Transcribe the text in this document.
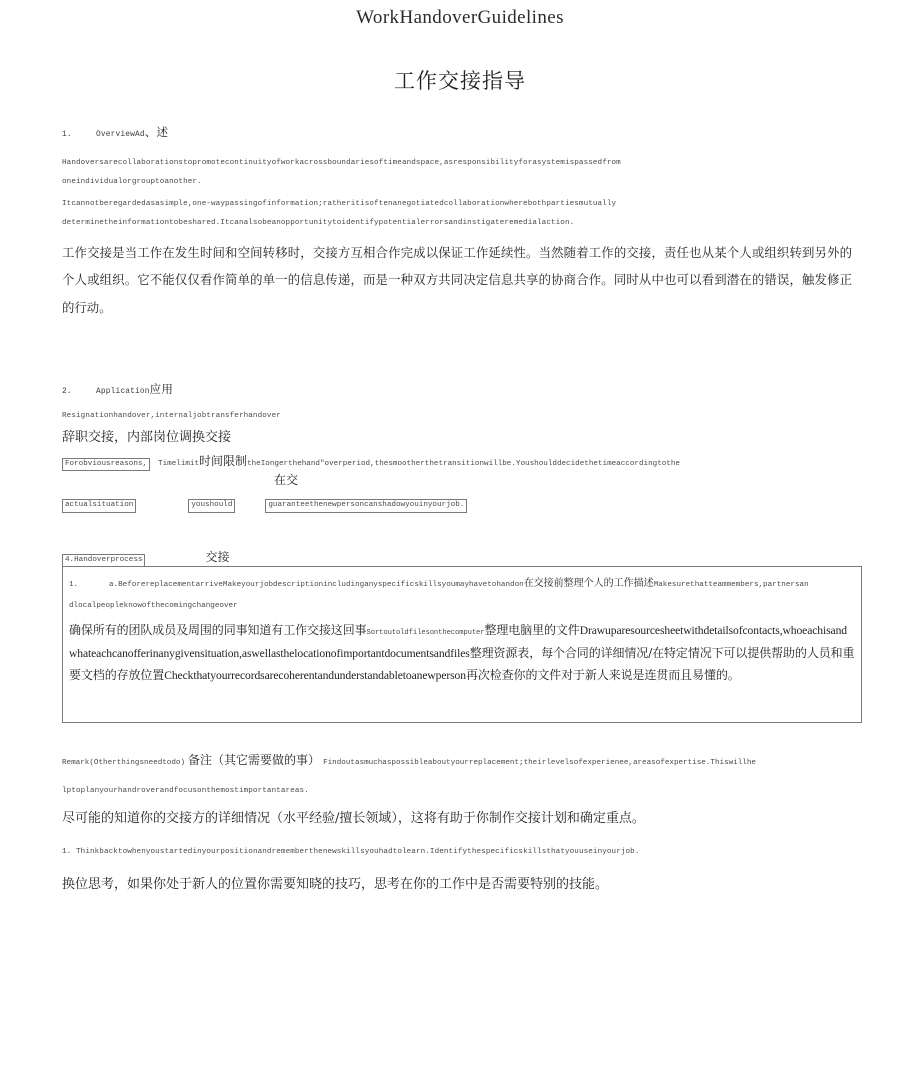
WorkHandoverGuidelines
工作交接指导
1.	OverviewAd、述
Handoversarecollaborationstopromotecontinuityofworkacrossboundariesoftimeandspace,asresponsibilityforasystemispassedfrom
oneindividualorgrouptoanother.
Itcannotberegardedasasimple,one-waypassingofinformation;ratheritisoftenanegotiatedcollaborationwherebothpartiesmutually
determinetheinformationtobeshared.Itcanalsobeanopportunitytoidentifypotentialerrorsandinstigateremedialaction.
工作交接是当工作在发生时间和空间转移时，交接方互相合作完成以保证工作延续性。当然随着工作的交接，责任也从某个人或组织转到另外的个人或组织。它不能仅仅看作简单的单一的信息传递，而是一种双方共同决定信息共享的协商合作。同时从中也可以看到潜在的错误，触发修正的行动。
2.	Application应用
Resignationhandover,internaljobtransferhandover
辞职交接，内部岗位调换交接
Forobviousreasons, Timelimit时间限制theIongerthehand"overperiod,thesmootherthetransitionwillbe.Youshoulddecidethetimeaccordingtothe
在交
actualsituation	youshould	guaranteethenewpersoncanshadowyouinyourjob.
4.Handoverprocess	交接
1.	a.BeforereplacementarriveMakeyourjobdescriptionincludinganyspecificskillsyoumayhavetohandon在交接前整理个人的工作描述Makesurethatteammembers,partnersan
dlocalpeopleknowofthecomingchangeover
确保所有的团队成员及周围的同事知道有工作交接这回事Sortoutoldfilesonthecomputer整理电脑里的文件Drawuparesourcesheetwithdetailsofcontacts,whoeachisandwhateachcanofferinanygivensituation,aswellasthelocationofimportantdocumentsandfiles整理资源表，每个合同的详细情况/在特定情况下可以提供帮助的人员和重要文档的存放位置Checkthatyourrecordsarecoherentandunderstandabletoanewperson再次检查你的文件对于新人来说是连贯而且易懂的。
Remark(Otherthingsneedtodo) 备注（其它需要做的事） Findoutasmuchaspossibleaboutyourreplacement;theirlevelsofexperienee,areasofexpertise.Thiswillhe
lptoplanyourhandroverandfocusonthemostimportantareas.
尽可能的知道你的交接方的详细情况（水平经验/擅长领域），这将有助于你制作交接计划和确定重点。
1. Thinkbacktowhenyoustartedinyourpositionandrememberthenewskillsyouhadtolearn.Identifythespecificskillsthatyouuseinyourjob.
换位思考，如果你处于新人的位置你需要知晓的技巧，思考在你的工作中是否需要特别的技能。
